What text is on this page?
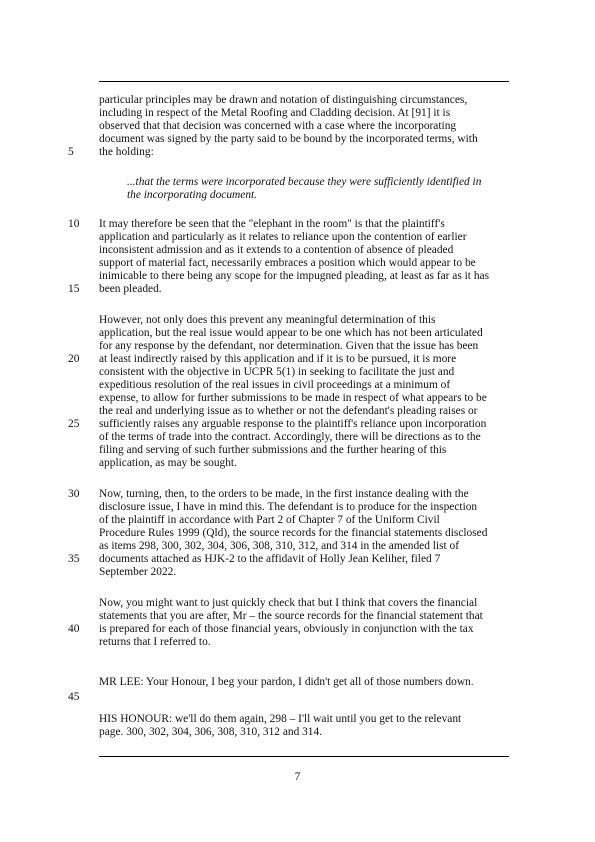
particular principles may be drawn and notation of distinguishing circumstances,
including in respect of the Metal Roofing and Cladding decision. At [91] it is
observed that that decision was concerned with a case where the incorporating
document was signed by the party said to be bound by the incorporated terms, with
the holding:
...that the terms were incorporated because they were sufficiently identified in
the incorporating document.
It may therefore be seen that the "elephant in the room" is that the plaintiff's
application and particularly as it relates to reliance upon the contention of earlier
inconsistent admission and as it extends to a contention of absence of pleaded
support of material fact, necessarily embraces a position which would appear to be
inimicable to there being any scope for the impugned pleading, at least as far as it has
been pleaded.
However, not only does this prevent any meaningful determination of this
application, but the real issue would appear to be one which has not been articulated
for any response by the defendant, nor determination. Given that the issue has been
at least indirectly raised by this application and if it is to be pursued, it is more
consistent with the objective in UCPR 5(1) in seeking to facilitate the just and
expeditious resolution of the real issues in civil proceedings at a minimum of
expense, to allow for further submissions to be made in respect of what appears to be
the real and underlying issue as to whether or not the defendant's pleading raises or
sufficiently raises any arguable response to the plaintiff's reliance upon incorporation
of the terms of trade into the contract. Accordingly, there will be directions as to the
filing and serving of such further submissions and the further hearing of this
application, as may be sought.
Now, turning, then, to the orders to be made, in the first instance dealing with the
disclosure issue, I have in mind this. The defendant is to produce for the inspection
of the plaintiff in accordance with Part 2 of Chapter 7 of the Uniform Civil
Procedure Rules 1999 (Qld), the source records for the financial statements disclosed
as items 298, 300, 302, 304, 306, 308, 310, 312, and 314 in the amended list of
documents attached as HJK-2 to the affidavit of Holly Jean Keliher, filed 7
September 2022.
Now, you might want to just quickly check that but I think that covers the financial
statements that you are after, Mr – the source records for the financial statement that
is prepared for each of those financial years, obviously in conjunction with the tax
returns that I referred to.
MR LEE: Your Honour, I beg your pardon, I didn't get all of those numbers down.
HIS HONOUR: we'll do them again, 298 – I'll wait until you get to the relevant
page. 300, 302, 304, 306, 308, 310, 312 and 314.
5
10
15
20
25
30
35
40
45
7
